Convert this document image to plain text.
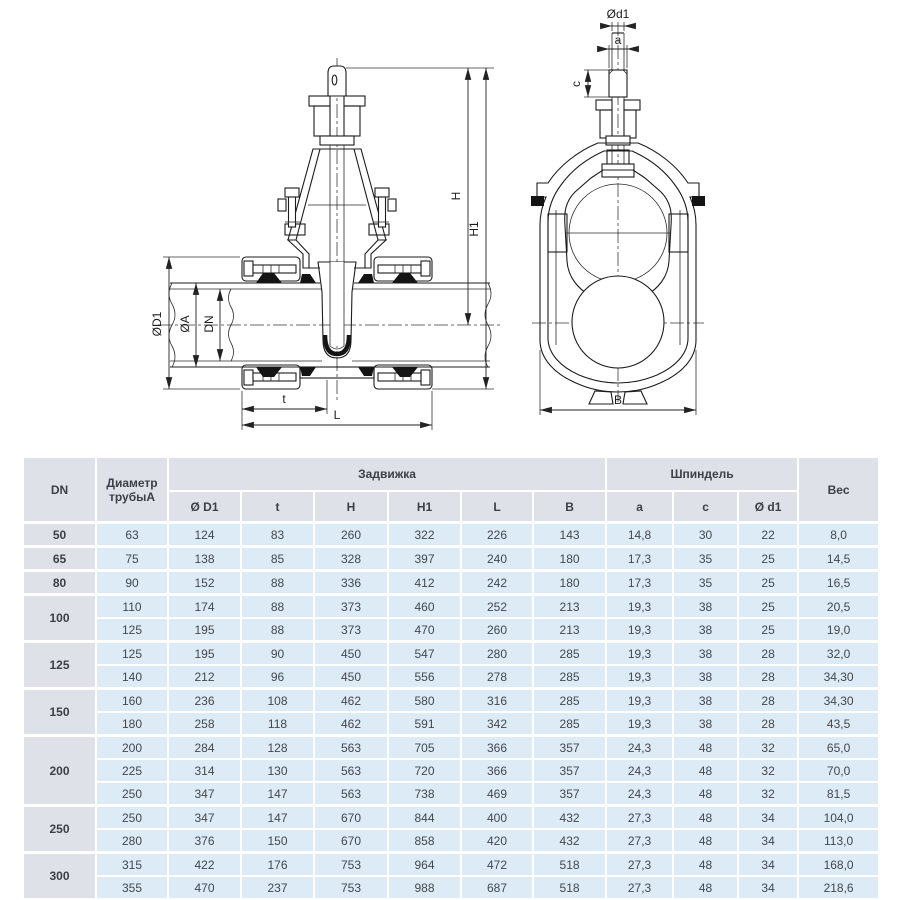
ØD1 ØA DN
t
L
H
H1
Ød1
a
c
B
DN	Диаметр трубыА	Задвижка						Шпиндель			Вес
		Ø D1	t	H	H1	L	B	a	c	Ø d1	
50	63	124	83	260	322	226	143	14,8	30	22	8,0
65	75	138	85	328	397	240	180	17,3	35	25	14,5
80	90	152	88	336	412	242	180	17,3	35	25	16,5
100	110	174	88	373	460	252	213	19,3	38	25	20,5
	125	195	88	373	470	260	213	19,3	38	25	19,0
125	125	195	90	450	547	280	285	19,3	38	28	32,0
	140	212	96	450	556	278	285	19,3	38	28	34,30
150	160	236	108	462	580	316	285	19,3	38	28	34,30
	180	258	118	462	591	342	285	19,3	38	28	43,5
200	200	284	128	563	705	366	357	24,3	48	32	65,0
	225	314	130	563	720	366	357	24,3	48	32	70,0
	250	347	147	563	738	469	357	24,3	48	32	81,5
250	250	347	147	670	844	400	432	27,3	48	34	104,0
	280	376	150	670	858	420	432	27,3	48	34	113,0
300	315	422	176	753	964	472	518	27,3	48	34	168,0
	355	470	237	753	988	687	518	27,3	48	34	218,6
